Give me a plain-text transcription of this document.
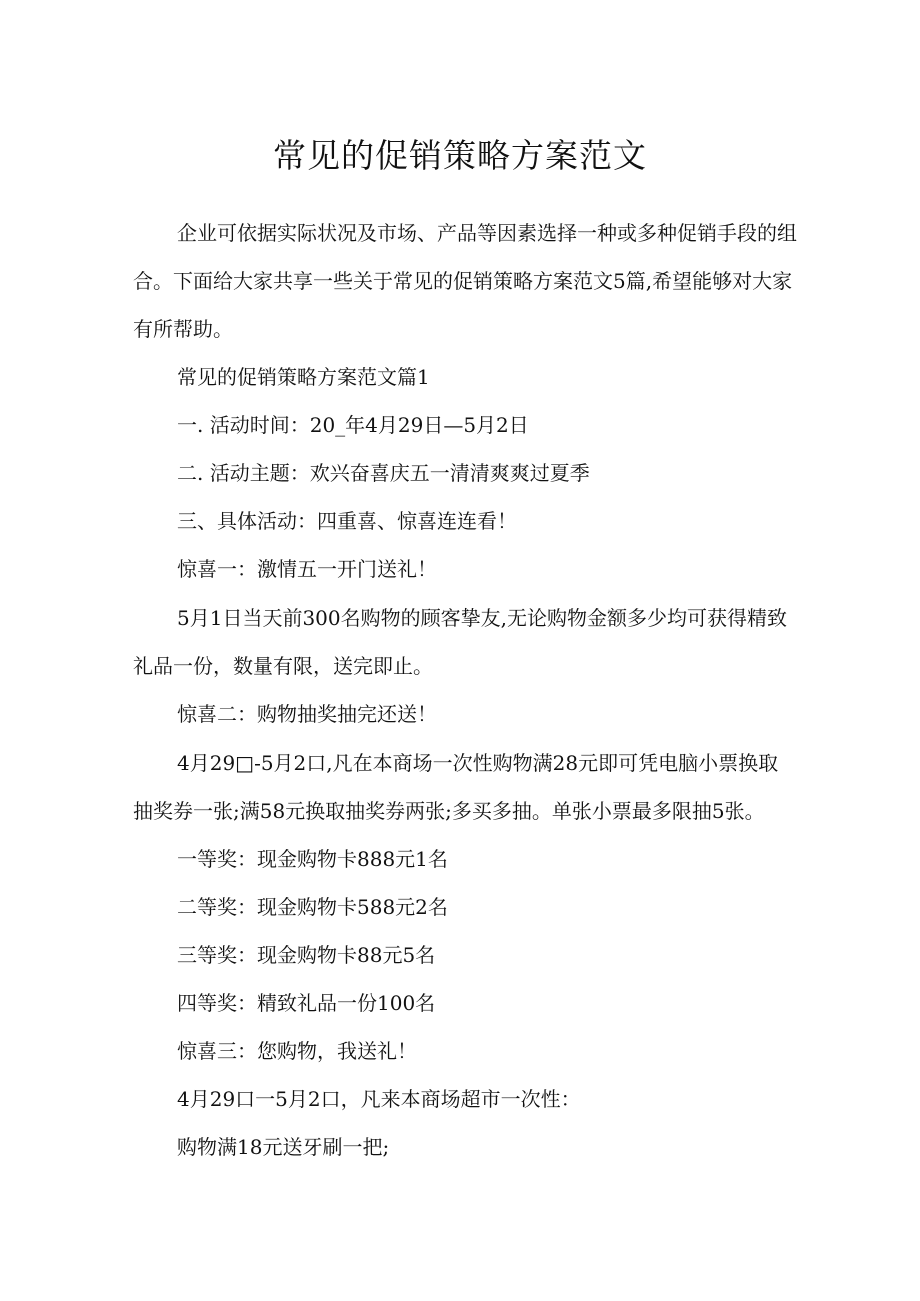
常见的促销策略方案范文

企业可依据实际状况及市场、产品等因素选择一种或多种促销手段的组合。下面给大家共享一些关于常见的促销策略方案范文5篇,希望能够对大家有所帮助。

常见的促销策略方案范文篇1

一. 活动时间：20_年4月29日—5月2日

二. 活动主题：欢兴奋喜庆五一清清爽爽过夏季

三、具体活动：四重喜、惊喜连连看！

惊喜一：激情五一开门送礼！

5月1日当天前300名购物的顾客挚友,无论购物金额多少均可获得精致礼品一份，数量有限，送完即止。

惊喜二：购物抽奖抽完还送！

4月29□-5月2口,凡在本商场一次性购物满28元即可凭电脑小票换取抽奖券一张;满58元换取抽奖券两张;多买多抽。单张小票最多限抽5张。

一等奖：现金购物卡888元1名

二等奖：现金购物卡588元2名

三等奖：现金购物卡88元5名

四等奖：精致礼品一份100名

惊喜三：您购物，我送礼！

4月29口一5月2口，凡来本商场超市一次性：

购物满18元送牙刷一把;
